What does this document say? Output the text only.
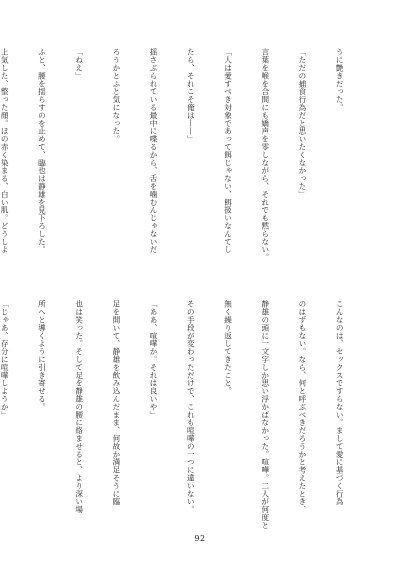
うに艶きだった。

「ただの捕食行為だと思いたくなかった」

言葉を喉を合間にも嬌声を零しながら、それでも黙らない。

「人は愛すべき対象であって餌じゃない、餌扱いなんてし

たら、それこそ俺は——」

揺さぶられている最中に喋るから、舌を噛むんじゃないだ

ろうかとふと気になった。

「ねえ」

ふと、腰を揺らすのを止めて、臨也は静雄を見下ろした。

上気した、整った顔。ほの赤く染まる、白い肌。どうしよ

こんなのは、セックスですらない。まして愛に基づく行為

のはずもない。なら、何と呼ぶべきだろうかと考えたとき、

静雄の頭に一文字しか思い浮かばなかった。喧嘩。二人が何度と

無く繰り返してきたこと。

その手段が変わっただけで、これも喧嘩の一つに違いない。

「ああ、喧嘩か。それは良いや」

足を開いて、静雄を飲み込んだまま、何故か満足そうに臨

也は笑った。そして足を静雄の腰に絡ませると、より深い場

所へと導くように引き寄せる。

「じゃあ、存分に喧嘩しようか」

92
